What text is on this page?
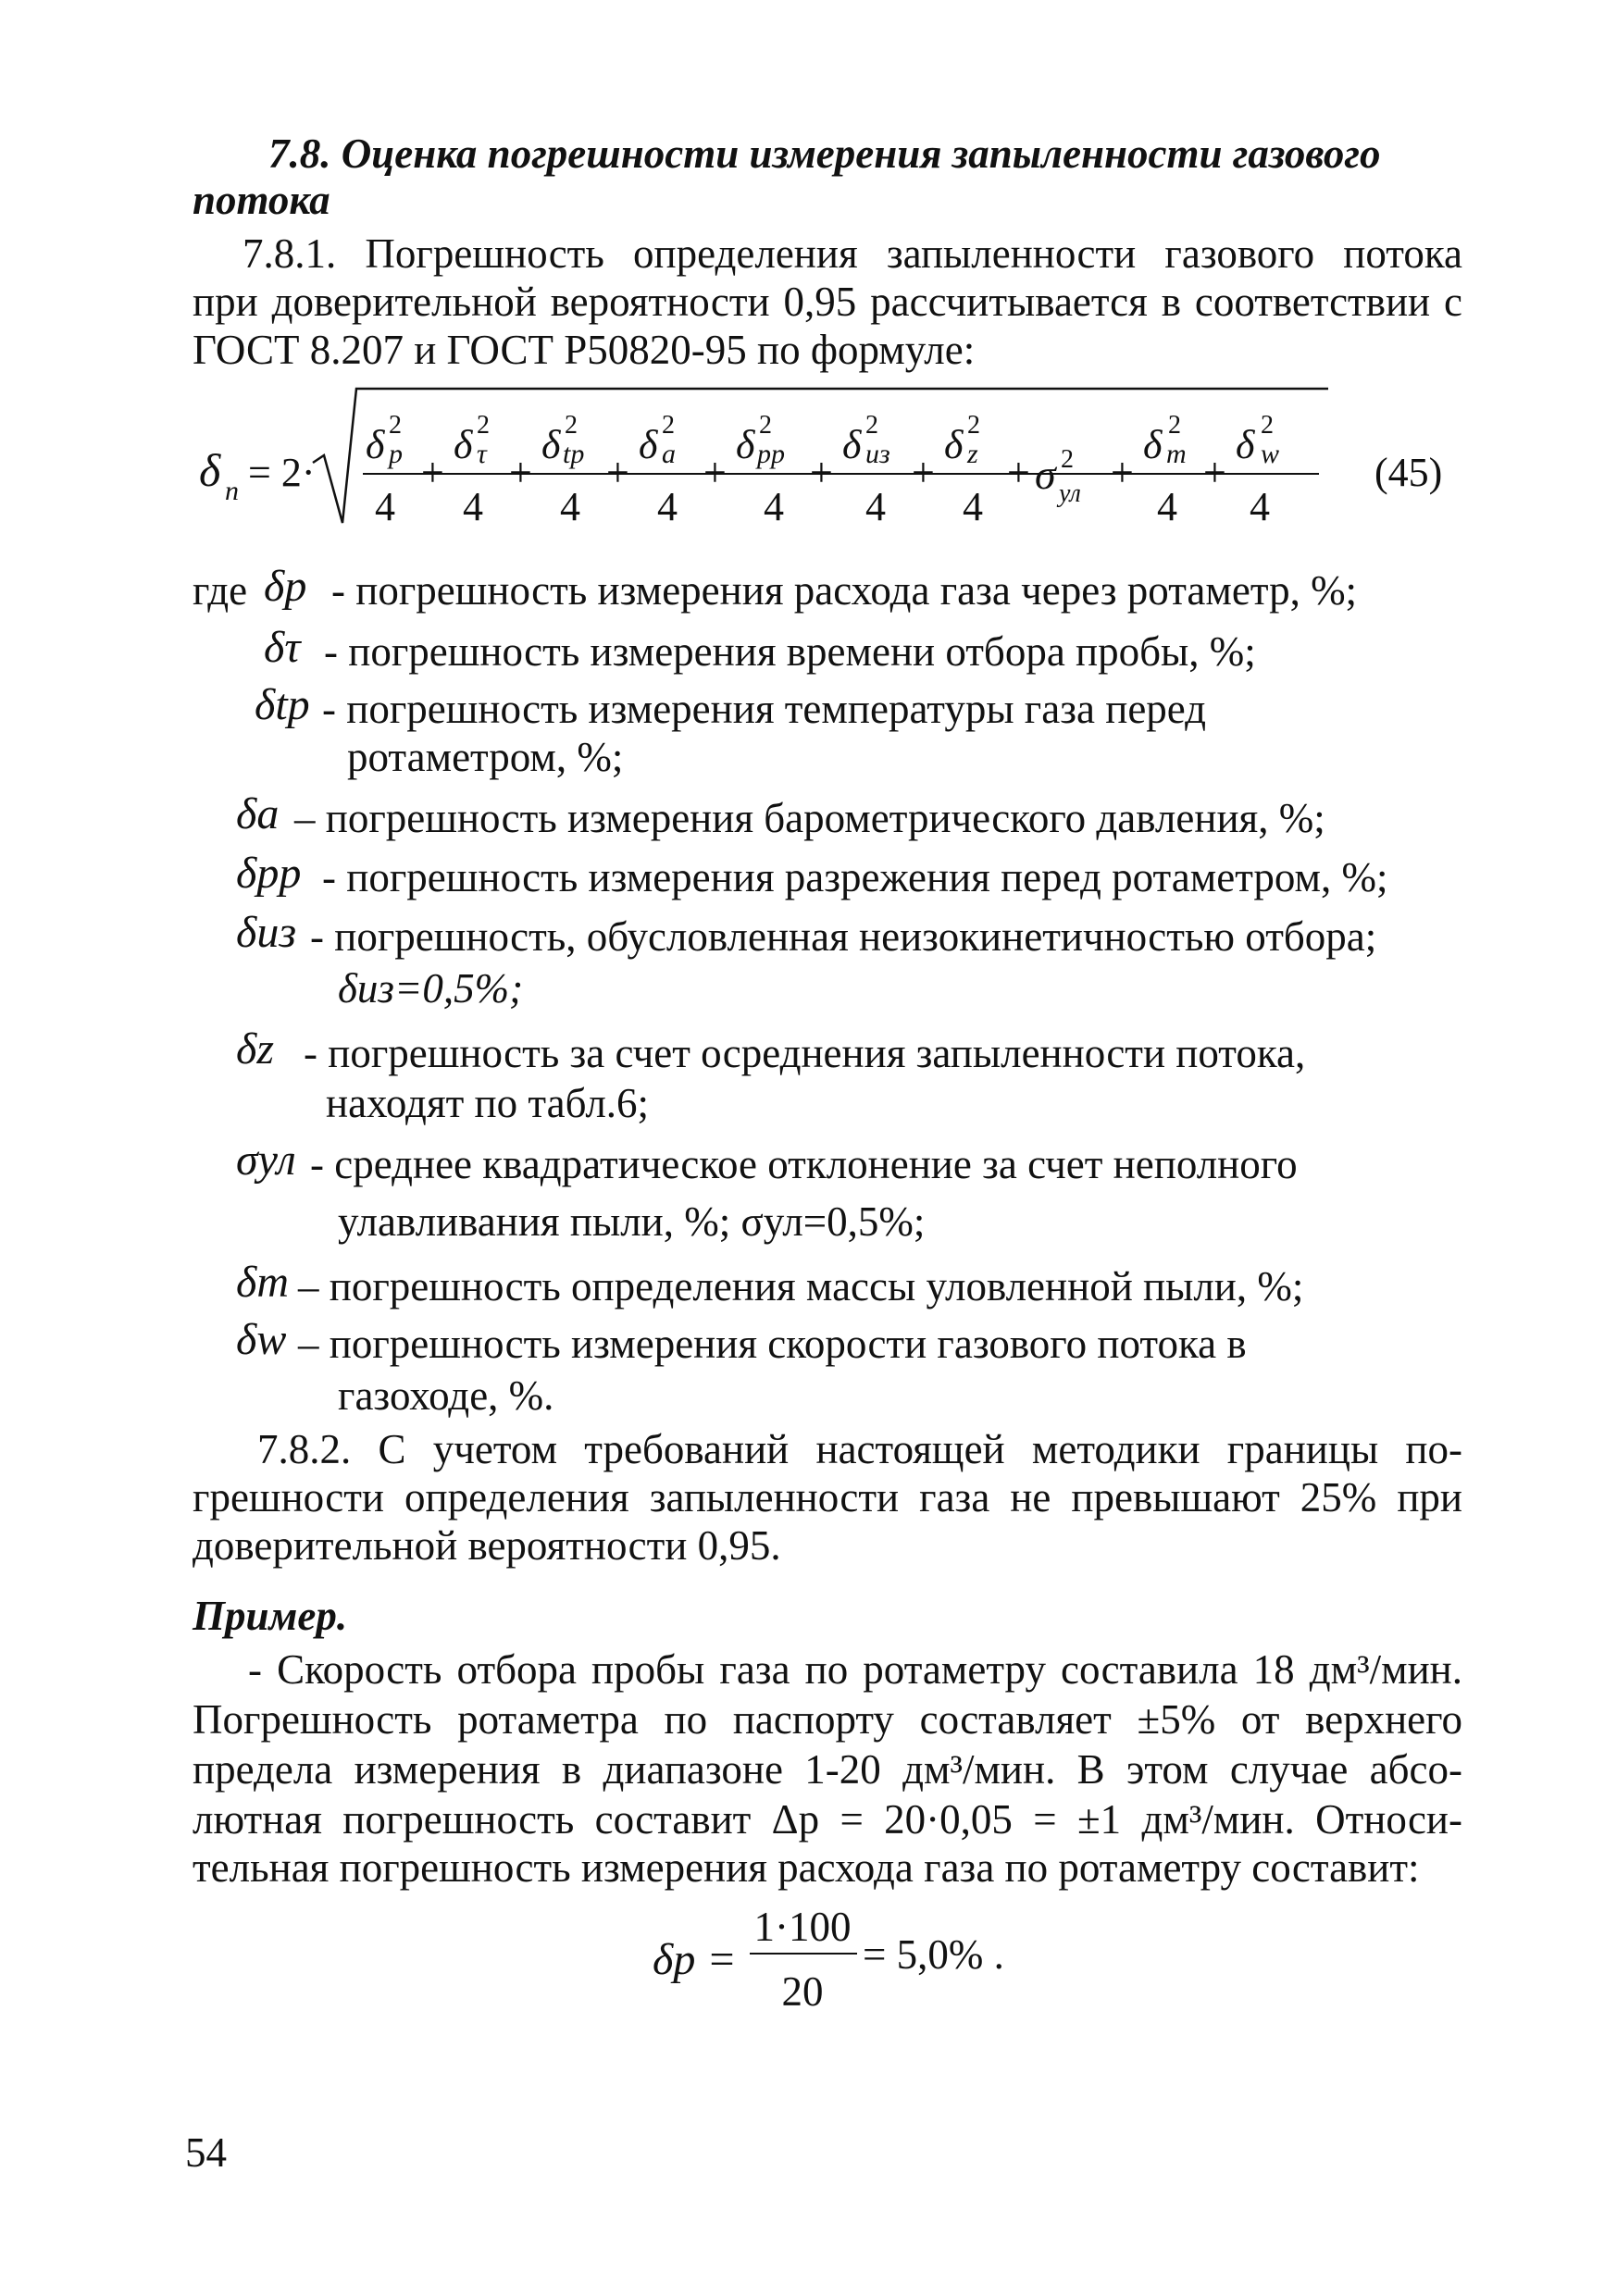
7.8. Оценка погрешности измерения запыленности газового
потока
7.8.1. Погрешность определения запыленности газового потока
при доверительной вероятности 0,95 рассчитывается в соответствии с
ГОСТ 8.207 и ГОСТ Р50820-95 по формуле:
δ n = 2·
δ 2
p δ 2
τ δ 2
tp δ 2
a δ 2
pp δ 2
из δ 2
z	δ 2
m δ 2
w
+ + + + + + + + +
σ 2
ул
4 4 4 4 4 4 4	4 4
(45)
где δp - погрешность измерения расхода газа через ротаметр, %;
δτ - погрешность измерения времени отбора пробы, %;
δtp - погрешность измерения температуры газа перед
ротаметром, %;
δa – погрешность измерения барометрического давления, %;
δpp - погрешность измерения разрежения перед ротаметром, %;
δиз - погрешность, обусловленная неизокинетичностью отбора;
δиз=0,5%;
δz - погрешность за счет осреднения запыленности потока,
находят по табл.6;
σул - среднее квадратическое отклонение за счет неполного
улавливания пыли, %; σул=0,5%;
δm – погрешность определения массы уловленной пыли, %;
δw – погрешность измерения скорости газового потока в
газоходе, %.
7.8.2. С учетом требований настоящей методики границы по-
грешности определения запыленности газа не превышают 25% при
доверительной вероятности 0,95.
Пример.
- Скорость отбора пробы газа по ротаметру составила 18 дм³/мин.
Погрешность ротаметра по паспорту составляет ±5% от верхнего
предела измерения в диапазоне 1-20 дм³/мин. В этом случае абсо-
лютная погрешность составит Δp = 20·0,05 = ±1 дм³/мин. Относи-
тельная погрешность измерения расхода газа по ротаметру составит:
δp =
1·100
20
= 5,0% .
54
